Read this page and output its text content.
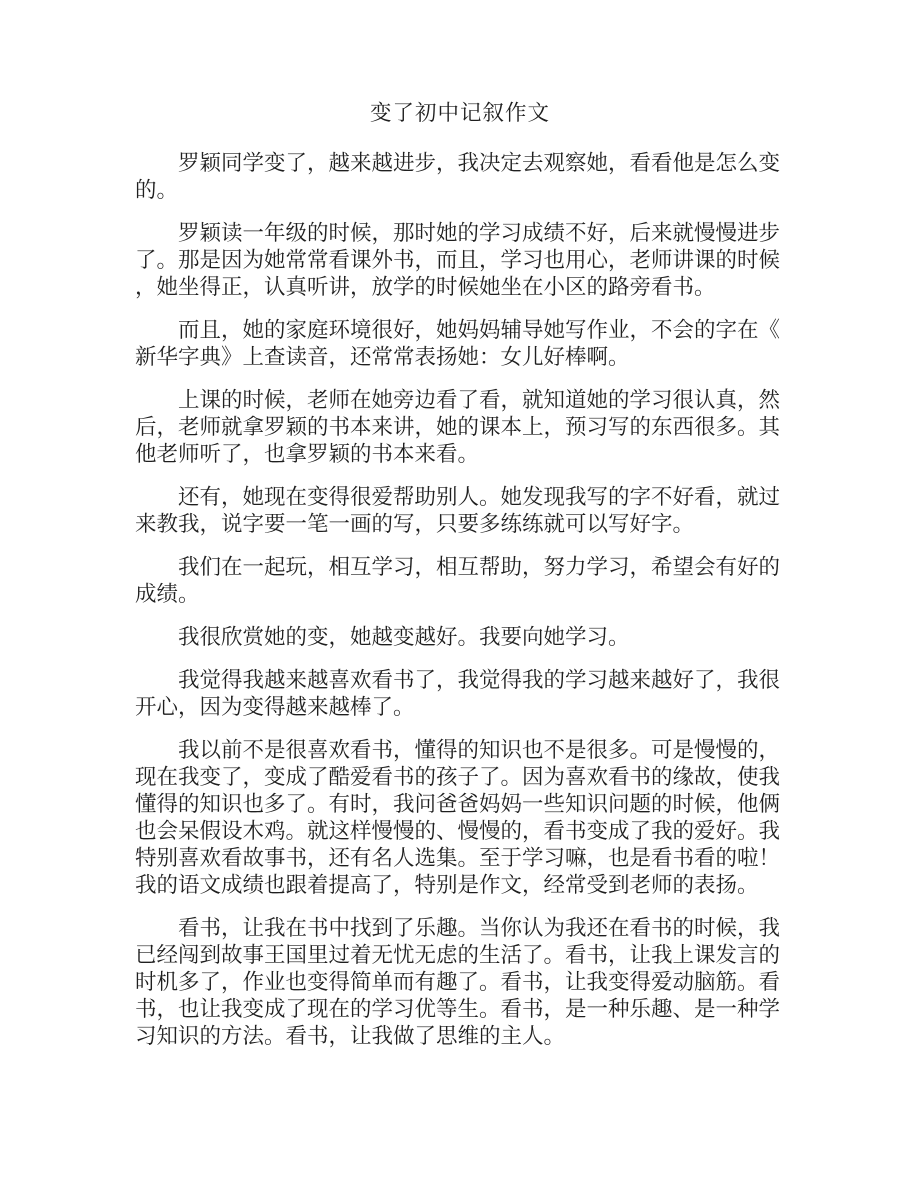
变了初中记叙作文

罗颖同学变了，越来越进步，我决定去观察她，看看他是怎么变的。

罗颖读一年级的时候，那时她的学习成绩不好，后来就慢慢进步了。那是因为她常常看课外书，而且，学习也用心，老师讲课的时候，她坐得正，认真听讲，放学的时候她坐在小区的路旁看书。

而且，她的家庭环境很好，她妈妈辅导她写作业，不会的字在《新华字典》上查读音，还常常表扬她：女儿好棒啊。

上课的时候，老师在她旁边看了看，就知道她的学习很认真，然后，老师就拿罗颖的书本来讲，她的课本上，预习写的东西很多。其他老师听了，也拿罗颖的书本来看。

还有，她现在变得很爱帮助别人。她发现我写的字不好看，就过来教我，说字要一笔一画的写，只要多练练就可以写好字。

我们在一起玩，相互学习，相互帮助，努力学习，希望会有好的成绩。

我很欣赏她的变，她越变越好。我要向她学习。

我觉得我越来越喜欢看书了，我觉得我的学习越来越好了，我很开心，因为变得越来越棒了。

我以前不是很喜欢看书，懂得的知识也不是很多。可是慢慢的，现在我变了，变成了酷爱看书的孩子了。因为喜欢看书的缘故，使我懂得的知识也多了。有时，我问爸爸妈妈一些知识问题的时候，他俩也会呆假设木鸡。就这样慢慢的、慢慢的，看书变成了我的爱好。我特别喜欢看故事书，还有名人选集。至于学习嘛，也是看书看的啦！我的语文成绩也跟着提高了，特别是作文，经常受到老师的表扬。

看书，让我在书中找到了乐趣。当你认为我还在看书的时候，我已经闯到故事王国里过着无忧无虑的生活了。看书，让我上课发言的时机多了，作业也变得简单而有趣了。看书，让我变得爱动脑筋。看书，也让我变成了现在的学习优等生。看书，是一种乐趣、是一种学习知识的方法。看书，让我做了思维的主人。
